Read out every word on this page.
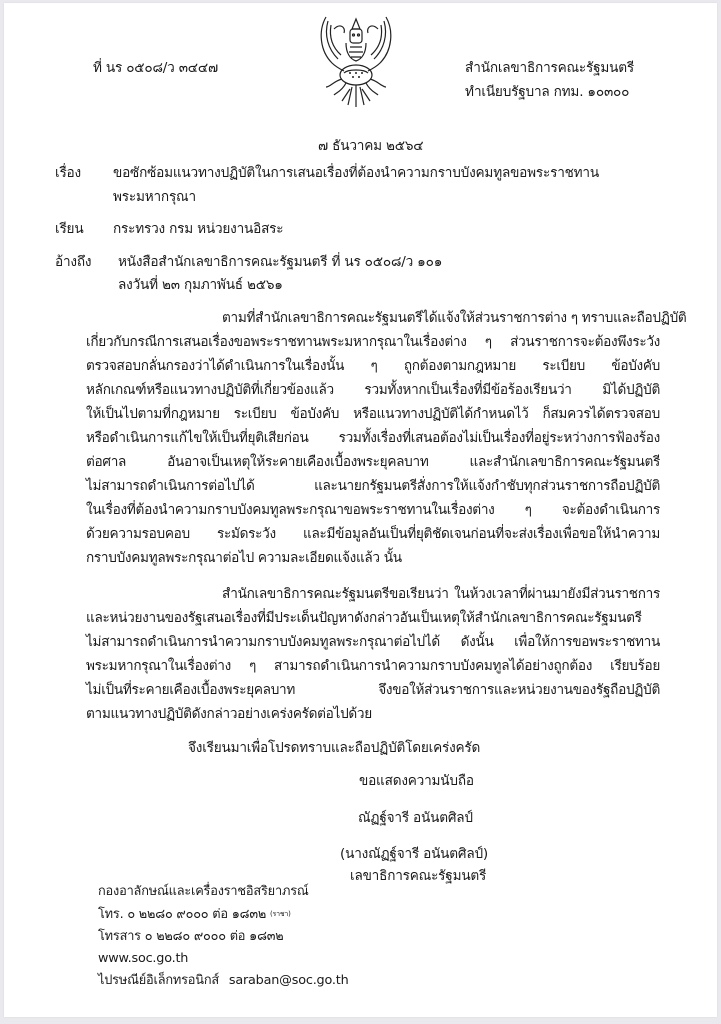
ที่ นร ๐๕๐๘/ว ๓๔๔๗	สำนักเลขาธิการคณะรัฐมนตรี
ทำเนียบรัฐบาล กทม. ๑๐๓๐๐
๗ ธันวาคม ๒๕๖๔
เรื่อง ขอซักซ้อมแนวทางปฏิบัติในการเสนอเรื่องที่ต้องนำความกราบบังคมทูลขอพระราชทาน
พระมหากรุณา
เรียน กระทรวง กรม หน่วยงานอิสระ
อ้างถึง หนังสือสำนักเลขาธิการคณะรัฐมนตรี ที่ นร ๐๕๐๘/ว ๑๐๑
ลงวันที่ ๒๓ กุมภาพันธ์ ๒๕๖๑
ตามที่สำนักเลขาธิการคณะรัฐมนตรีได้แจ้งให้ส่วนราชการต่าง ๆ ทราบและถือปฏิบัติ
เกี่ยวกับกรณีการเสนอเรื่องขอพระราชทานพระมหากรุณาในเรื่องต่าง ๆ ส่วนราชการจะต้องพึงระวัง
ตรวจสอบกลั่นกรองว่าได้ดำเนินการในเรื่องนั้น ๆ ถูกต้องตามกฎหมาย ระเบียบ ข้อบังคับ
หลักเกณฑ์หรือแนวทางปฏิบัติที่เกี่ยวข้องแล้ว รวมทั้งหากเป็นเรื่องที่มีข้อร้องเรียนว่า มิได้ปฏิบัติ
ให้เป็นไปตามที่กฎหมาย ระเบียบ ข้อบังคับ หรือแนวทางปฏิบัติได้กำหนดไว้ ก็สมควรได้ตรวจสอบ
หรือดำเนินการแก้ไขให้เป็นที่ยุติเสียก่อน รวมทั้งเรื่องที่เสนอต้องไม่เป็นเรื่องที่อยู่ระหว่างการฟ้องร้อง
ต่อศาล อันอาจเป็นเหตุให้ระคายเคืองเบื้องพระยุคลบาท และสำนักเลขาธิการคณะรัฐมนตรี
ไม่สามารถดำเนินการต่อไปได้ และนายกรัฐมนตรีสั่งการให้แจ้งกำชับทุกส่วนราชการถือปฏิบัติ
ในเรื่องที่ต้องนำความกราบบังคมทูลพระกรุณาขอพระราชทานในเรื่องต่าง ๆ จะต้องดำเนินการ
ด้วยความรอบคอบ ระมัดระวัง และมีข้อมูลอันเป็นที่ยุติชัดเจนก่อนที่จะส่งเรื่องเพื่อขอให้นำความ
กราบบังคมทูลพระกรุณาต่อไป ความละเอียดแจ้งแล้ว นั้น
สำนักเลขาธิการคณะรัฐมนตรีขอเรียนว่า ในห้วงเวลาที่ผ่านมายังมีส่วนราชการ
และหน่วยงานของรัฐเสนอเรื่องที่มีประเด็นปัญหาดังกล่าวอันเป็นเหตุให้สำนักเลขาธิการคณะรัฐมนตรี
ไม่สามารถดำเนินการนำความกราบบังคมทูลพระกรุณาต่อไปได้ ดังนั้น เพื่อให้การขอพระราชทาน
พระมหากรุณาในเรื่องต่าง ๆ สามารถดำเนินการนำความกราบบังคมทูลได้อย่างถูกต้อง เรียบร้อย
ไม่เป็นที่ระคายเคืองเบื้องพระยุคลบาท จึงขอให้ส่วนราชการและหน่วยงานของรัฐถือปฏิบัติ
ตามแนวทางปฏิบัติดังกล่าวอย่างเคร่งครัดต่อไปด้วย
จึงเรียนมาเพื่อโปรดทราบและถือปฏิบัติโดยเคร่งครัด
ขอแสดงความนับถือ
ณัฏฐ์จารี อนันตศิลป์
(นางณัฏฐ์จารี อนันตศิลป์)
เลขาธิการคณะรัฐมนตรี
กองอาลักษณ์และเครื่องราชอิสริยาภรณ์
โทร. ๐ ๒๒๘๐ ๙๐๐๐ ต่อ ๑๘๓๒ (ราชา)
โทรสาร ๐ ๒๒๘๐ ๙๐๐๐ ต่อ ๑๘๓๒
www.soc.go.th
ไปรษณีย์อิเล็กทรอนิกส์ saraban@soc.go.th
